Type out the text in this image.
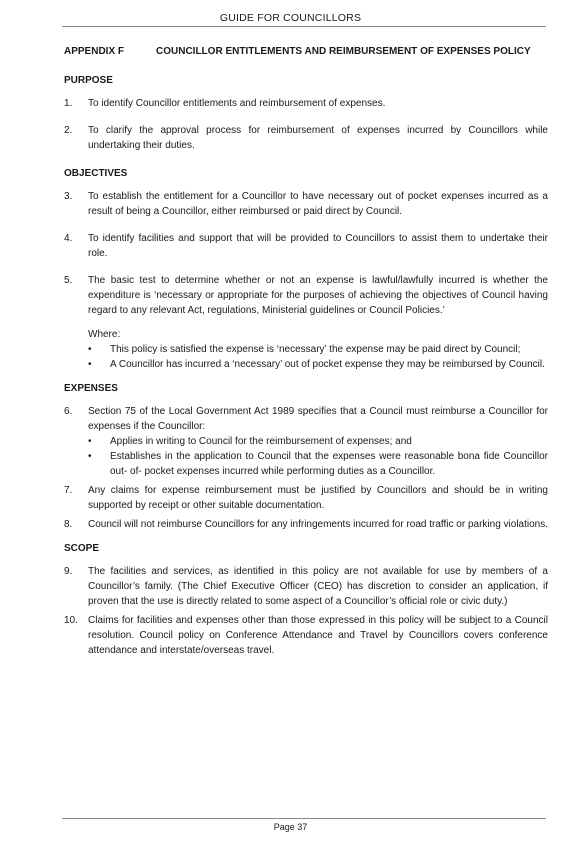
GUIDE FOR COUNCILLORS
APPENDIX F	COUNCILLOR ENTITLEMENTS AND REIMBURSEMENT OF EXPENSES POLICY
PURPOSE
1.	To identify Councillor entitlements and reimbursement of expenses.
2.	To clarify the approval process for reimbursement of expenses incurred by Councillors while undertaking their duties.
OBJECTIVES
3.	To establish the entitlement for a Councillor to have necessary out of pocket expenses incurred as a result of being a Councillor, either reimbursed or paid direct by Council.
4.	To identify facilities and support that will be provided to Councillors to assist them to undertake their role.
5.	The basic test to determine whether or not an expense is lawful/lawfully incurred is whether the expenditure is ‘necessary or appropriate for the purposes of achieving the objectives of Council having regard to any relevant Act, regulations, Ministerial guidelines or Council Policies.’
Where:
•	This policy is satisfied the expense is ‘necessary’ the expense may be paid direct by Council;
•	A Councillor has incurred a ‘necessary’ out of pocket expense they may be reimbursed by Council.
EXPENSES
6.	Section 75 of the Local Government Act 1989 specifies that a Council must reimburse a Councillor for expenses if the Councillor:
•	Applies in writing to Council for the reimbursement of expenses; and
•	Establishes in the application to Council that the expenses were reasonable bona fide Councillor out- of- pocket expenses incurred while performing duties as a Councillor.
7.	Any claims for expense reimbursement must be justified by Councillors and should be in writing supported by receipt or other suitable documentation.
8.	Council will not reimburse Councillors for any infringements incurred for road traffic or parking violations.
SCOPE
9.	The facilities and services, as identified in this policy are not available for use by members of a Councillor’s family. (The Chief Executive Officer (CEO) has discretion to consider an application, if proven that the use is directly related to some aspect of a Councillor’s official role or civic duty.)
10.	Claims for facilities and expenses other than those expressed in this policy will be subject to a Council resolution. Council policy on Conference Attendance and Travel by Councillors covers conference attendance and interstate/overseas travel.
Page 37
